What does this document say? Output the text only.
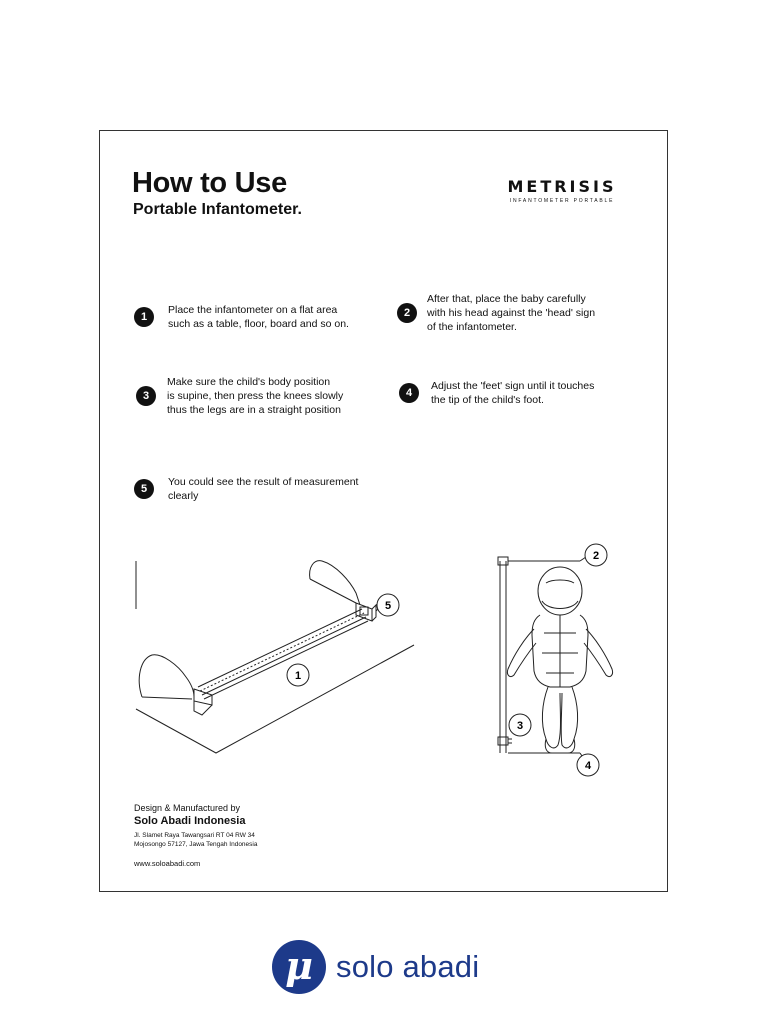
How to Use
Portable Infantometer.
METRISIS
INFANTOMETER PORTABLE
1
Place the infantometer on a flat area
such as a table, floor, board and so on.
2
After that, place the baby carefully
with his head against the 'head' sign
of the infantometer.
3
Make sure the child's body position
is supine, then press the knees slowly
thus the legs are in a straight position
4
Adjust the 'feet' sign until it touches
the tip of the child's foot.
5
You could see the result of measurement
clearly
1
5
2
3
4
Design & Manufactured by
Solo Abadi Indonesia
Jl. Slamet Raya Tawangsari RT 04 RW 34
Mojosongo 57127, Jawa Tengah Indonesia
www.soloabadi.com
μ solo abadi
